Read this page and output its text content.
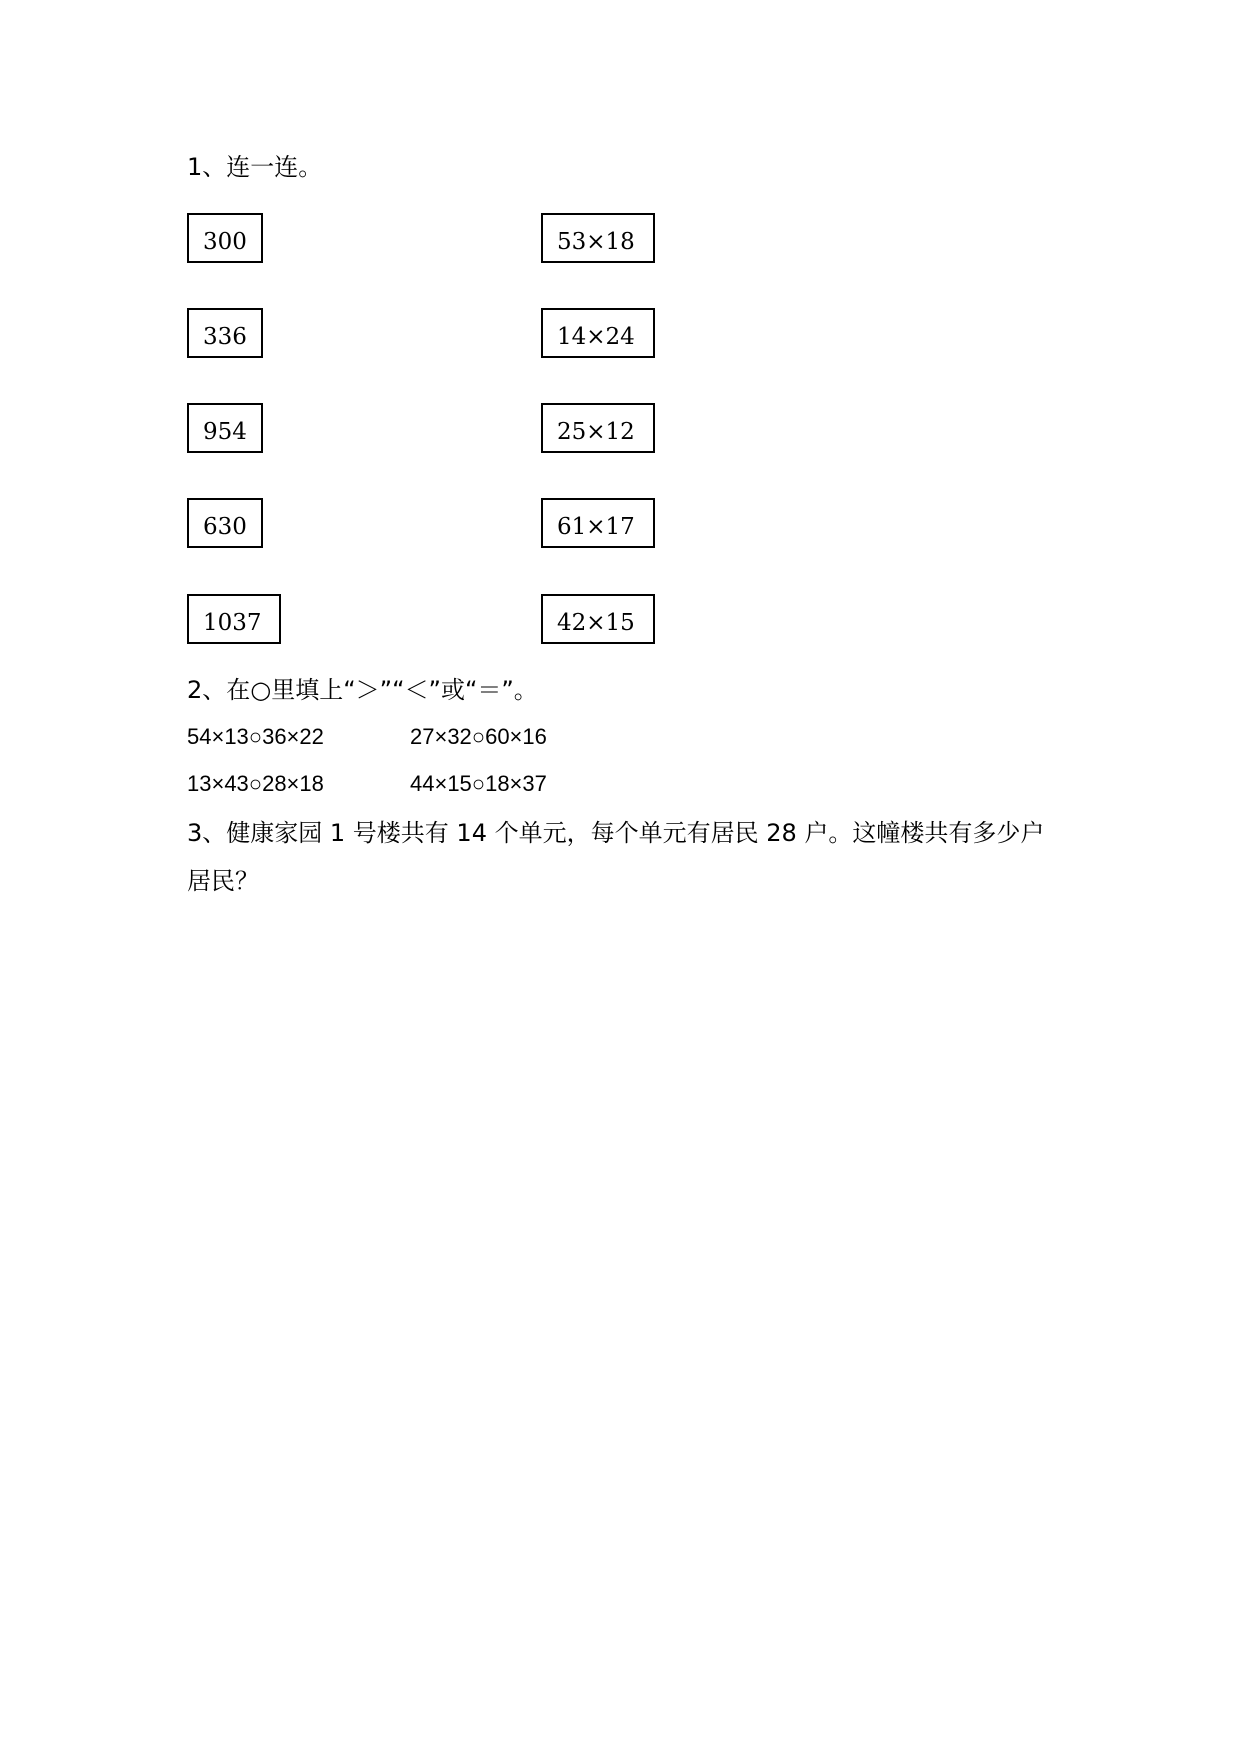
1、连一连。
300
336
954
630
1037
53×18
14×24
25×12
61×17
42×15
2、在○里填上“＞”“＜”或“＝”。
54×13○36×22	27×32○60×16
13×43○28×18	44×15○18×37
3、健康家园 1 号楼共有 14 个单元，每个单元有居民 28 户。这幢楼共有多少户
居民？
